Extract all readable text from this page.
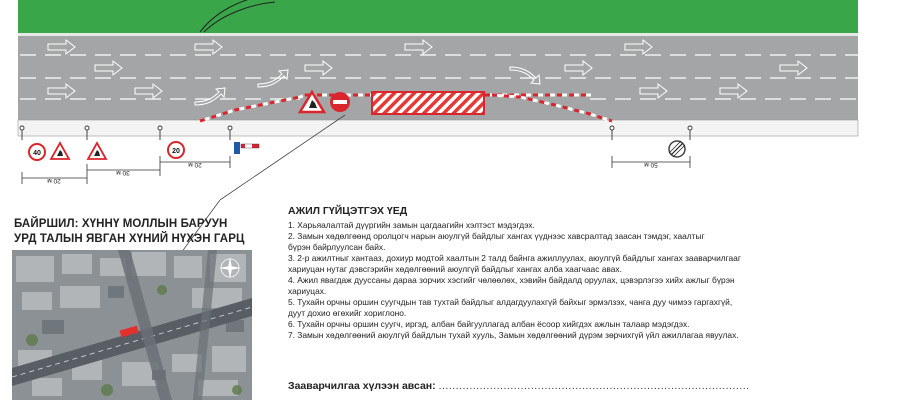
40	20
20 м
30 м
20 м	50 м
БАЙРШИЛ: ХҮННҮ МОЛЛЫН БАРУУН
УРД ТАЛЫН ЯВГАН ХҮНИЙ НҮХЭН ГАРЦ
АЖИЛ ГҮЙЦЭТГЭХ ҮЕД
1. Харьяалалтай дүүргийн замын цагдаагийн хэлтэст мэдэгдэх.
2. Замын хөдөлгөөнд оролцогч нарын аюулгүй байдлыг хангах үүднээс хавсралтад заасан тэмдэг, хаалтыг
бүрэн байрлуулсан байх.
3. 2-р ажилтныг хантааз, дохиур модтой хаалтын 2 талд байнга ажиллуулах, аюулгүй байдлыг хангах зааварчилгааг
хариуцан нутаг дэвсгэрийн хөдөлгөөний аюулгүй байдлыг хангах алба хаагчаас авах.
4. Ажил явагдаж дууссаны дараа зорчих хэсгийг чөлөөлөх, хэвийн байдалд оруулах, цэвэрлэгээ хийх ажлыг бүрэн
хариуцах.
5. Тухайн орчны оршин суугчдын тав тухтай байдлыг алдагдуулахгүй байхыг эрмэлзэх, чанга дуу чимээ гаргахгүй,
дуут дохио өгөхийг хориглоно.
6. Тухайн орчны оршин суугч, иргэд, албан байгууллагад албан ёсоор хийгдэх ажлын талаар мэдэгдэх.
7. Замын хөдөлгөөний аюулгүй байдлын тухай хууль, Замын хөдөлгөөний дүрэм зөрчихгүй үйл ажиллагаа явуулах.
Зааварчилгаа хүлээн авсан: ...........................................................................................
